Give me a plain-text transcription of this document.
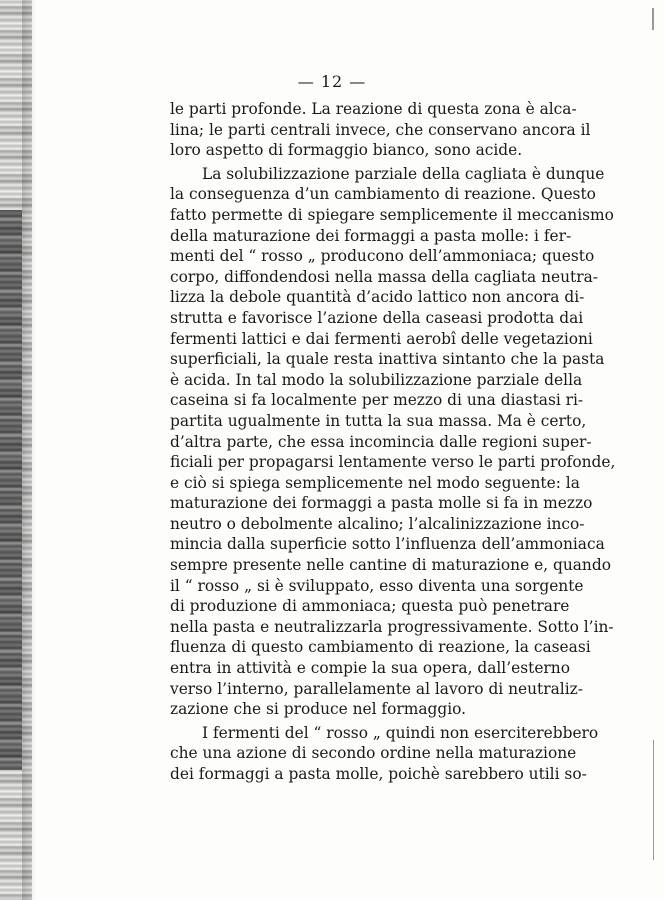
— 12 —
le parti profonde. La reazione di questa zona è alca-
lina; le parti centrali invece, che conservano ancora il
loro aspetto di formaggio bianco, sono acide.
La solubilizzazione parziale della cagliata è dunque
la conseguenza d’un cambiamento di reazione. Questo
fatto permette di spiegare semplicemente il meccanismo
della maturazione dei formaggi a pasta molle: i fer-
menti del “ rosso „ producono dell’ammoniaca; questo
corpo, diffondendosi nella massa della cagliata neutra-
lizza la debole quantità d’acido lattico non ancora di-
strutta e favorisce l’azione della caseasi prodotta dai
fermenti lattici e dai fermenti aerobî delle vegetazioni
superficiali, la quale resta inattiva sintanto che la pasta
è acida. In tal modo la solubilizzazione parziale della
caseina si fa localmente per mezzo di una diastasi ri-
partita ugualmente in tutta la sua massa. Ma è certo,
d’altra parte, che essa incomincia dalle regioni super-
ficiali per propagarsi lentamente verso le parti profonde,
e ciò si spiega semplicemente nel modo seguente: la
maturazione dei formaggi a pasta molle si fa in mezzo
neutro o debolmente alcalino; l’alcalinizzazione inco-
mincia dalla superficie sotto l’influenza dell’ammoniaca
sempre presente nelle cantine di maturazione e, quando
il “ rosso „ si è sviluppato, esso diventa una sorgente
di produzione di ammoniaca; questa può penetrare
nella pasta e neutralizzarla progressivamente. Sotto l’in-
fluenza di questo cambiamento di reazione, la caseasi
entra in attività e compie la sua opera, dall’esterno
verso l’interno, parallelamente al lavoro di neutraliz-
zazione che si produce nel formaggio.
I fermenti del “ rosso „ quindi non eserciterebbero
che una azione di secondo ordine nella maturazione
dei formaggi a pasta molle, poichè sarebbero utili so-
